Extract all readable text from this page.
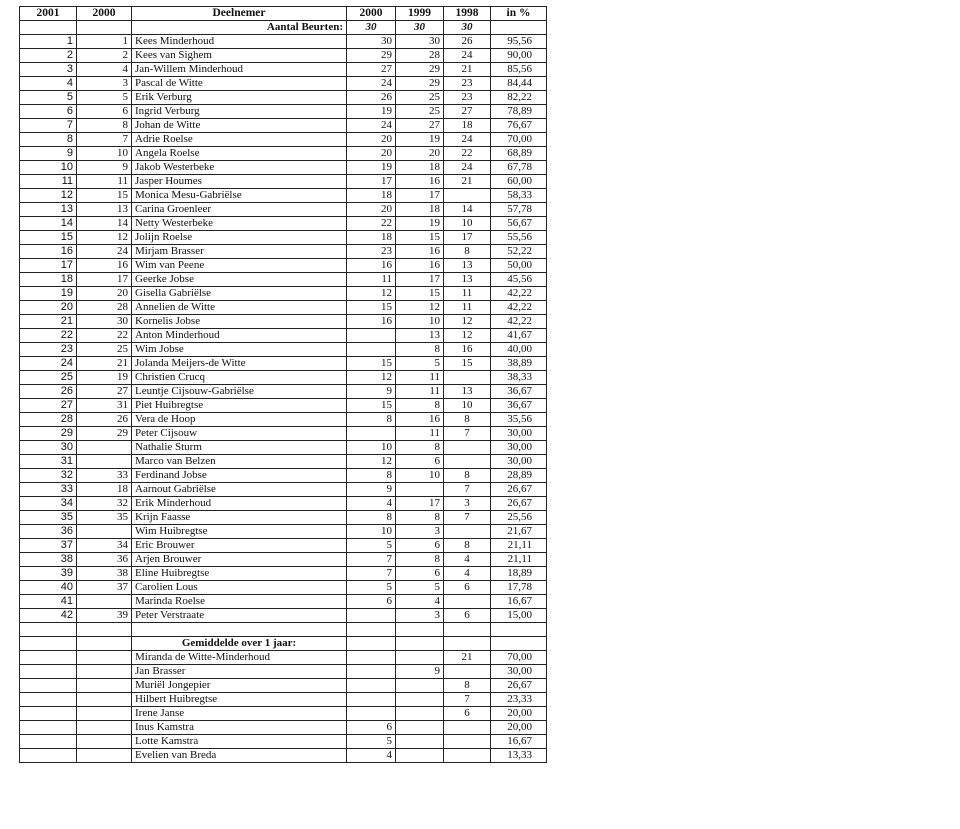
2001	2000	Deelnemer	2000	1999	1998	in %
		Aantal Beurten:	30	30	30	
1	1	Kees Minderhoud	30	30	26	95,56
2	2	Kees van Sighem	29	28	24	90,00
3	4	Jan-Willem Minderhoud	27	29	21	85,56
4	3	Pascal de Witte	24	29	23	84,44
5	5	Erik Verburg	26	25	23	82,22
6	6	Ingrid Verburg	19	25	27	78,89
7	8	Johan de Witte	24	27	18	76,67
8	7	Adrie Roelse	20	19	24	70,00
9	10	Angela Roelse	20	20	22	68,89
10	9	Jakob Westerbeke	19	18	24	67,78
11	11	Jasper Houmes	17	16	21	60,00
12	15	Monica Mesu-Gabriëlse	18	17		58,33
13	13	Carina Groenleer	20	18	14	57,78
14	14	Netty Westerbeke	22	19	10	56,67
15	12	Jolijn Roelse	18	15	17	55,56
16	24	Mirjam Brasser	23	16	8	52,22
17	16	Wim van Peene	16	16	13	50,00
18	17	Geerke Jobse	11	17	13	45,56
19	20	Gisella Gabriëlse	12	15	11	42,22
20	28	Annelien de Witte	15	12	11	42,22
21	30	Kornelis Jobse	16	10	12	42,22
22	22	Anton Minderhoud		13	12	41,67
23	25	Wim Jobse		8	16	40,00
24	21	Jolanda Meijers-de Witte	15	5	15	38,89
25	19	Christien Crucq	12	11		38,33
26	27	Leuntje Cijsouw-Gabriëlse	9	11	13	36,67
27	31	Piet Huibregtse	15	8	10	36,67
28	26	Vera de Hoop	8	16	8	35,56
29	29	Peter Cijsouw		11	7	30,00
30		Nathalie Sturm	10	8		30,00
31		Marco van Belzen	12	6		30,00
32	33	Ferdinand Jobse	8	10	8	28,89
33	18	Aarnout Gabriëlse	9		7	26,67
34	32	Erik Minderhoud	4	17	3	26,67
35	35	Krijn Faasse	8	8	7	25,56
36		Wim Huibregtse	10	3		21,67
37	34	Eric Brouwer	5	6	8	21,11
38	36	Arjen Brouwer	7	8	4	21,11
39	38	Eline Huibregtse	7	6	4	18,89
40	37	Carolien Lous	5	5	6	17,78
41		Marinda Roelse	6	4		16,67
42	39	Peter Verstraate		3	6	15,00

		Gemiddelde over 1 jaar:				
		Miranda de Witte-Minderhoud			21	70,00
		Jan Brasser		9		30,00
		Muriël Jongepier			8	26,67
		Hilbert Huibregtse			7	23,33
		Irene Janse			6	20,00
		Inus Kamstra	6			20,00
		Lotte Kamstra	5			16,67
		Evelien van Breda	4			13,33
